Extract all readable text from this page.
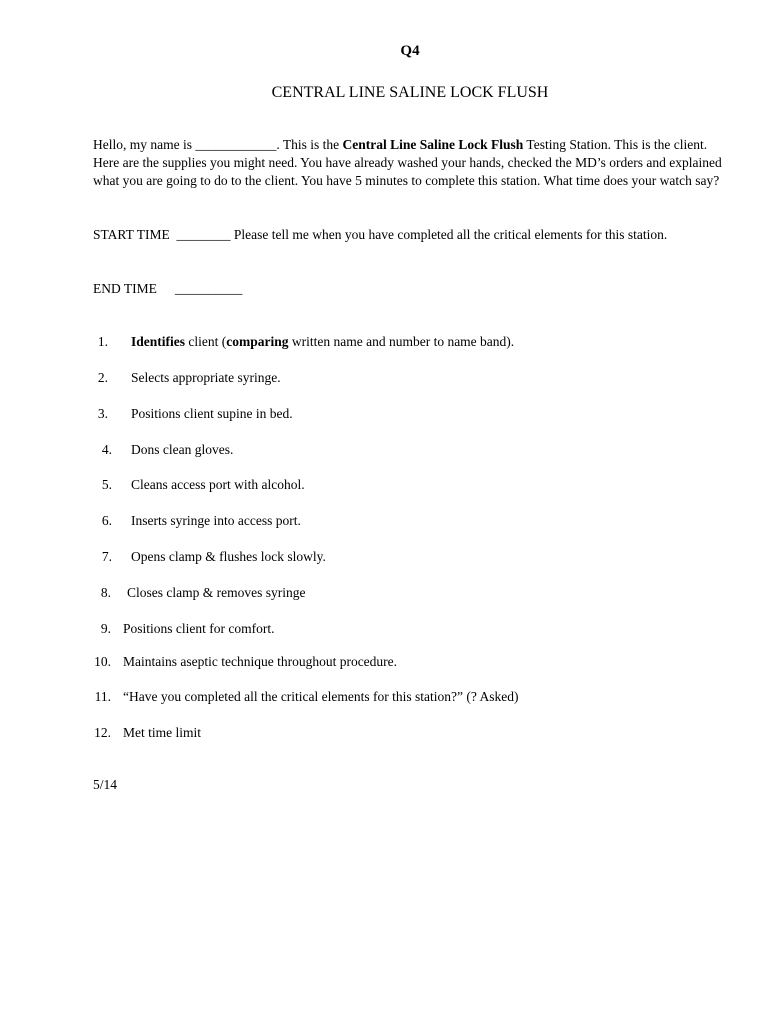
Q4
CENTRAL LINE SALINE LOCK FLUSH

Hello, my name is ____________. This is the Central Line Saline Lock Flush Testing Station. This is the client. Here are the supplies you might need. You have already washed your hands, checked the MD’s orders and explained what you are going to do to the client. You have 5 minutes to complete this station. What time does your watch say?

START TIME ________ Please tell me when you have completed all the critical elements for this station.

END TIME __________

1. Identifies client (comparing written name and number to name band).

2. Selects appropriate syringe.

3. Positions client supine in bed.

4. Dons clean gloves.

5. Cleans access port with alcohol.

6. Inserts syringe into access port.

7. Opens clamp & flushes lock slowly.

8. Closes clamp & removes syringe

9. Positions client for comfort.

10. Maintains aseptic technique throughout procedure.

11. “Have you completed all the critical elements for this station?” (? Asked)

12. Met time limit

5/14
